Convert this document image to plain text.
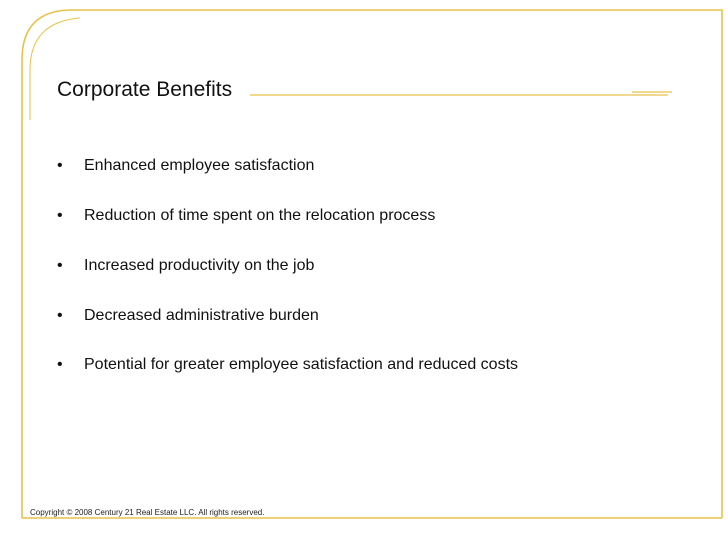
Corporate Benefits
•	Enhanced employee satisfaction
•	Reduction of time spent on the relocation process
•	Increased productivity on the job
•	Decreased administrative burden
•	Potential for greater employee satisfaction and reduced costs
Copyright © 2008 Century 21 Real Estate LLC. All rights reserved.
